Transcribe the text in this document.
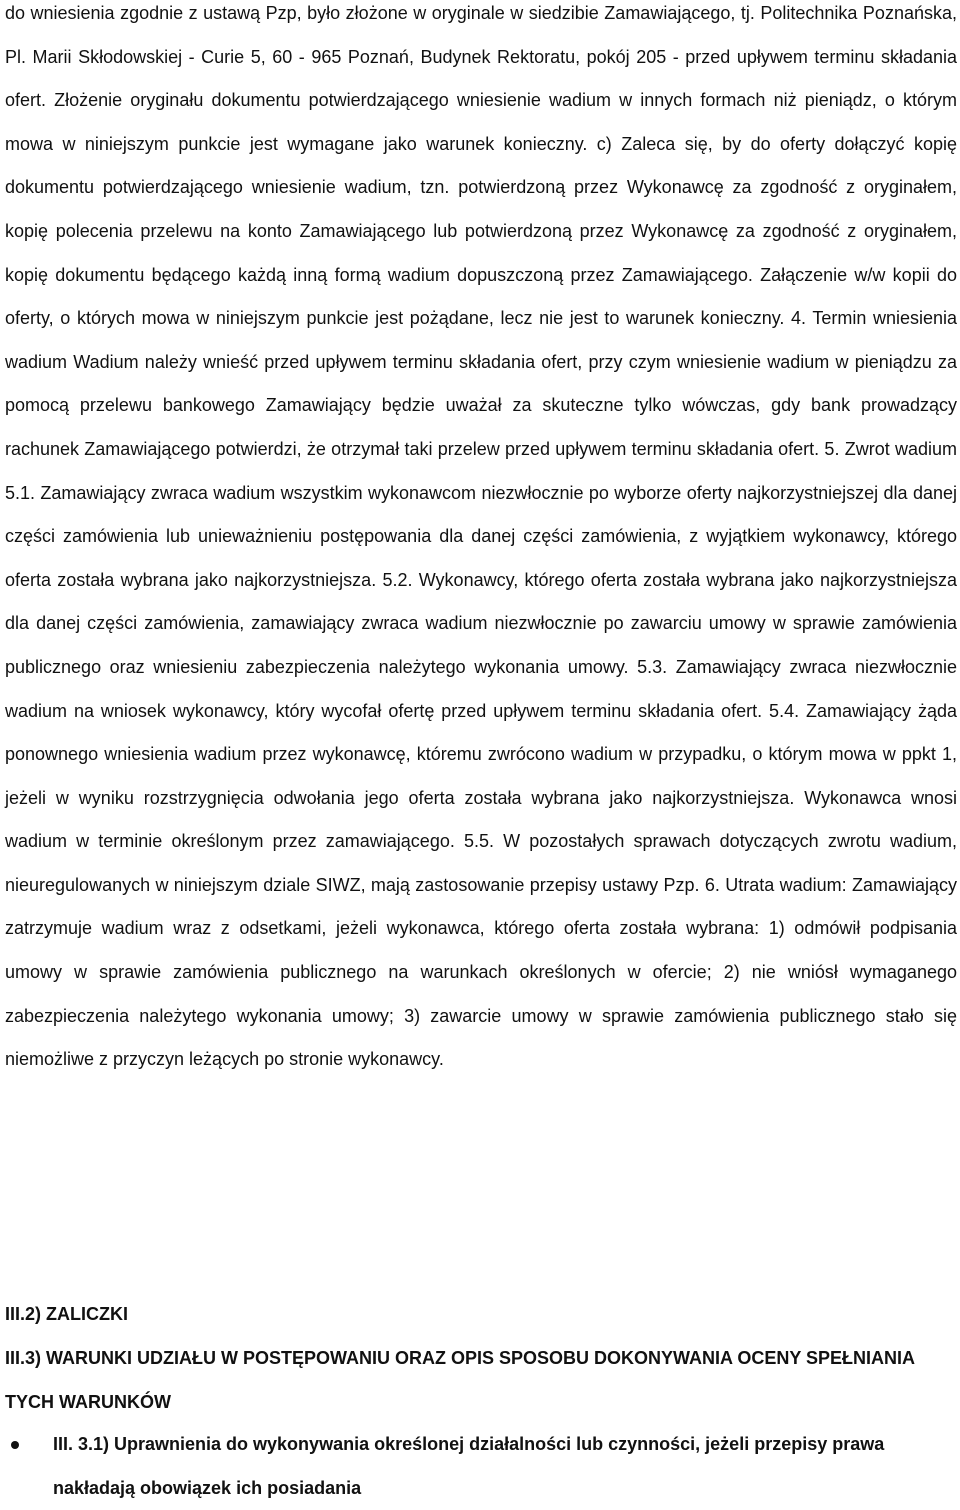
do wniesienia zgodnie z ustawą Pzp, było złożone w oryginale w siedzibie Zamawiającego, tj. Politechnika Poznańska, Pl. Marii Skłodowskiej - Curie 5, 60 - 965 Poznań, Budynek Rektoratu, pokój 205 - przed upływem terminu składania ofert. Złożenie oryginału dokumentu potwierdzającego wniesienie wadium w innych formach niż pieniądz, o którym mowa w niniejszym punkcie jest wymagane jako warunek konieczny. c) Zaleca się, by do oferty dołączyć kopię dokumentu potwierdzającego wniesienie wadium, tzn. potwierdzoną przez Wykonawcę za zgodność z oryginałem, kopię polecenia przelewu na konto Zamawiającego lub potwierdzoną przez Wykonawcę za zgodność z oryginałem, kopię dokumentu będącego każdą inną formą wadium dopuszczoną przez Zamawiającego. Załączenie w/w kopii do oferty, o których mowa w niniejszym punkcie jest pożądane, lecz nie jest to warunek konieczny. 4. Termin wniesienia wadium Wadium należy wnieść przed upływem terminu składania ofert, przy czym wniesienie wadium w pieniądzu za pomocą przelewu bankowego Zamawiający będzie uważał za skuteczne tylko wówczas, gdy bank prowadzący rachunek Zamawiającego potwierdzi, że otrzymał taki przelew przed upływem terminu składania ofert. 5. Zwrot wadium 5.1. Zamawiający zwraca wadium wszystkim wykonawcom niezwłocznie po wyborze oferty najkorzystniejszej dla danej części zamówienia lub unieważnieniu postępowania dla danej części zamówienia, z wyjątkiem wykonawcy, którego oferta została wybrana jako najkorzystniejsza. 5.2. Wykonawcy, którego oferta została wybrana jako najkorzystniejsza dla danej części zamówienia, zamawiający zwraca wadium niezwłocznie po zawarciu umowy w sprawie zamówienia publicznego oraz wniesieniu zabezpieczenia należytego wykonania umowy. 5.3. Zamawiający zwraca niezwłocznie wadium na wniosek wykonawcy, który wycofał ofertę przed upływem terminu składania ofert. 5.4. Zamawiający żąda ponownego wniesienia wadium przez wykonawcę, któremu zwrócono wadium w przypadku, o którym mowa w ppkt 1, jeżeli w wyniku rozstrzygnięcia odwołania jego oferta została wybrana jako najkorzystniejsza. Wykonawca wnosi wadium w terminie określonym przez zamawiającego. 5.5. W pozostałych sprawach dotyczących zwrotu wadium, nieuregulowanych w niniejszym dziale SIWZ, mają zastosowanie przepisy ustawy Pzp. 6. Utrata wadium: Zamawiający zatrzymuje wadium wraz z odsetkami, jeżeli wykonawca, którego oferta została wybrana: 1) odmówił podpisania umowy w sprawie zamówienia publicznego na warunkach określonych w ofercie; 2) nie wniósł wymaganego zabezpieczenia należytego wykonania umowy; 3) zawarcie umowy w sprawie zamówienia publicznego stało się niemożliwe z przyczyn leżących po stronie wykonawcy.

III.2) ZALICZKI

III.3) WARUNKI UDZIAŁU W POSTĘPOWANIU ORAZ OPIS SPOSOBU DOKONYWANIA OCENY SPEŁNIANIA TYCH WARUNKÓW

III. 3.1) Uprawnienia do wykonywania określonej działalności lub czynności, jeżeli przepisy prawa nakładają obowiązek ich posiadania
